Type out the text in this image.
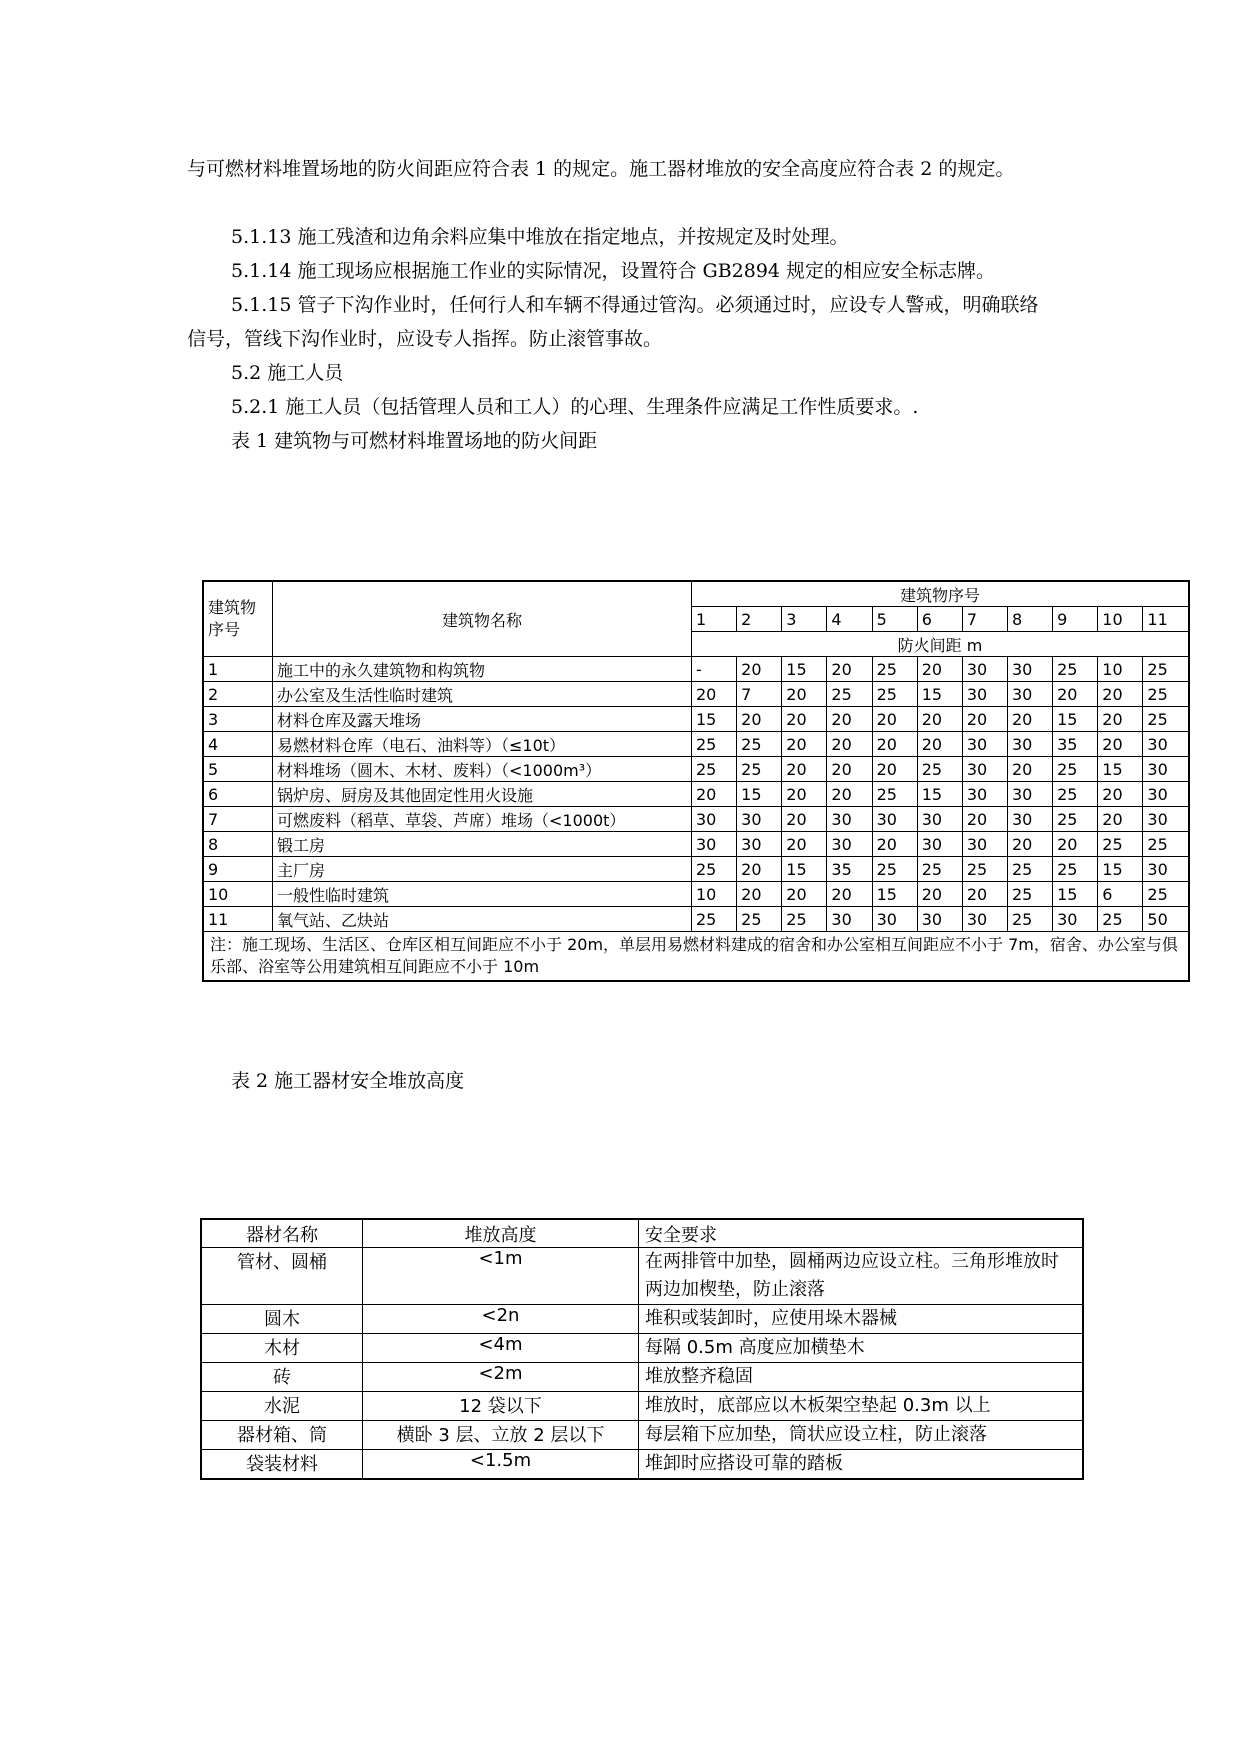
与可燃材料堆置场地的防火间距应符合表 1 的规定。施工器材堆放的安全高度应符合表 2 的规定。

5.1.13 施工残渣和边角余料应集中堆放在指定地点，并按规定及时处理。

5.1.14 施工现场应根据施工作业的实际情况，设置符合 GB2894 规定的相应安全标志牌。

5.1.15 管子下沟作业时，任何行人和车辆不得通过管沟。必须通过时，应设专人警戒，明确联络信号，管线下沟作业时，应设专人指挥。防止滚管事故。

5.2 施工人员

5.2.1 施工人员（包括管理人员和工人）的心理、生理条件应满足工作性质要求。.

表 1 建筑物与可燃材料堆置场地的防火间距

建筑物序号	建筑物名称	建筑物序号										
		1	2	3	4	5	6	7	8	9	10	11
		防火间距 m										
1	施工中的永久建筑物和构筑物	-	20	15	20	25	20	30	30	25	10	25
2	办公室及生活性临时建筑	20	7	20	25	25	15	30	30	20	20	25
3	材料仓库及露天堆场	15	20	20	20	20	20	20	20	15	20	25
4	易燃材料仓库（电石、油料等）（≤10t）	25	25	20	20	20	20	30	30	35	20	30
5	材料堆场（圆木、木材、废料）（<1000m³）	25	25	20	20	20	25	30	20	25	15	30
6	锅炉房、厨房及其他固定性用火设施	20	15	20	20	25	15	30	30	25	20	30
7	可燃废料（稻草、草袋、芦席）堆场（<1000t）	30	30	20	30	30	30	20	30	25	20	30
8	锻工房	30	30	20	30	20	30	30	20	20	25	25
9	主厂房	25	20	15	35	25	25	25	25	25	15	30
10	一般性临时建筑	10	20	20	20	15	20	20	25	15	6	25
11	氧气站、乙炔站	25	25	25	30	30	30	30	25	30	25	50
注：施工现场、生活区、仓库区相互间距应不小于 20m，单层用易燃材料建成的宿舍和办公室相互间距应不小于 7m，宿舍、办公室与俱乐部、浴室等公用建筑相互间距应不小于 10m												

表 2 施工器材安全堆放高度

器材名称	堆放高度	安全要求
管材、圆桶	<1m	在两排管中加垫，圆桶两边应设立柱。三角形堆放时两边加楔垫，防止滚落
圆木	<2n	堆积或装卸时，应使用垛木器械
木材	<4m	每隔 0.5m 高度应加横垫木
砖	<2m	堆放整齐稳固
水泥	12 袋以下	堆放时，底部应以木板架空垫起 0.3m 以上
器材箱、筒	横卧 3 层、立放 2 层以下	每层箱下应加垫，筒状应设立柱，防止滚落
袋装材料	<1.5m	堆卸时应搭设可靠的踏板
